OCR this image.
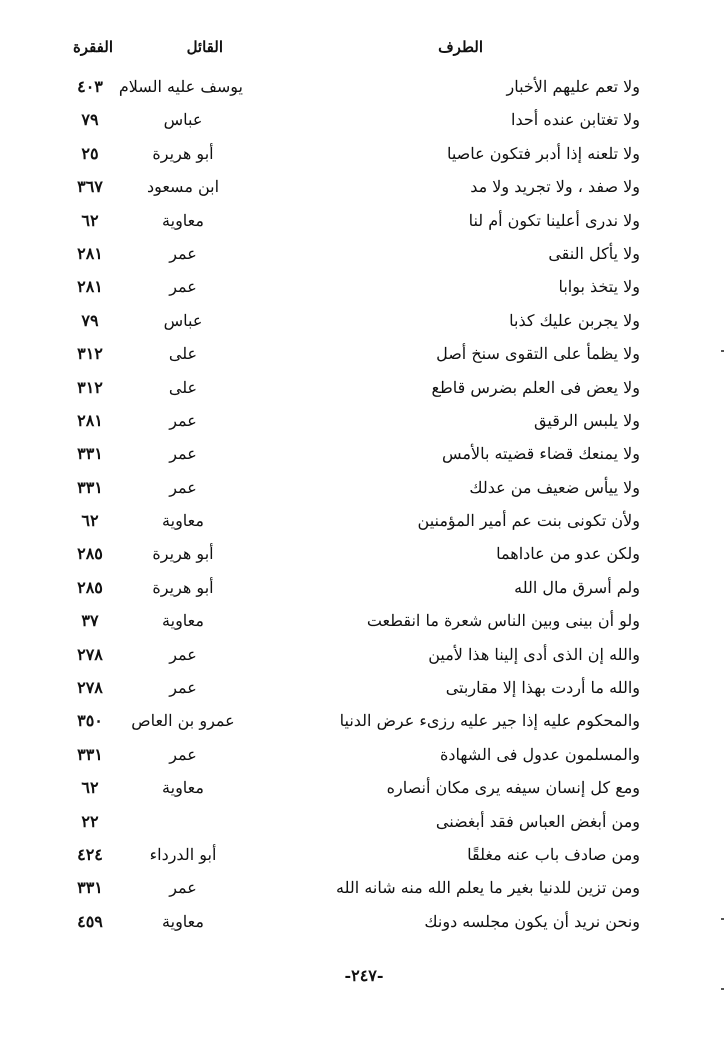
الطرف
القائل
الفقرة
ولا تعم عليهم الأخبار
يوسف عليه السلام
٤٠٣
ولا تغتابن عنده أحدا
عباس
٧٩
ولا تلعنه إذا أدبر فتكون عاصيا
أبو هريرة
٢٥
ولا صفد ، ولا تجريد ولا مد
ابن مسعود
٣٦٧
ولا ندرى أعلينا تكون أم لنا
معاوية
٦٢
ولا يأكل النقى
عمر
٢٨١
ولا يتخذ بوابا
عمر
٢٨١
ولا يجربن عليك كذبا
عباس
٧٩
ولا يظمأ على التقوى سنخ أصل
على
٣١٢
ولا يعض فى العلم بضرس قاطع
على
٣١٢
ولا يلبس الرقيق
عمر
٢٨١
ولا يمنعك قضاء قضيته بالأمس
عمر
٣٣١
ولا ييأس ضعيف من عدلك
عمر
٣٣١
ولأن تكونى بنت عم أمير المؤمنين
معاوية
٦٢
ولكن عدو من عاداهما
أبو هريرة
٢٨٥
ولم أسرق مال الله
أبو هريرة
٢٨٥
ولو أن بينى وبين الناس شعرة ما انقطعت
معاوية
٣٧
والله إن الذى أدى إلينا هذا لأمين
عمر
٢٧٨
والله ما أردت بهذا إلا مقاربتى
عمر
٢٧٨
والمحكوم عليه إذا جير عليه رزىء عرض الدنيا
عمرو بن العاص
٣٥٠
والمسلمون عدول فى الشهادة
عمر
٣٣١
ومع كل إنسان سيفه يرى مكان أنصاره
معاوية
٦٢
ومن أبغض العباس فقد أبغضنى
٢٢
ومن صادف باب عنه مغلقًا
أبو الدرداء
٤٢٤
ومن تزين للدنيا بغير ما يعلم الله منه شانه الله
عمر
٣٣١
ونحن نريد أن يكون مجلسه دونك
معاوية
٤٥٩
-٢٤٧-
